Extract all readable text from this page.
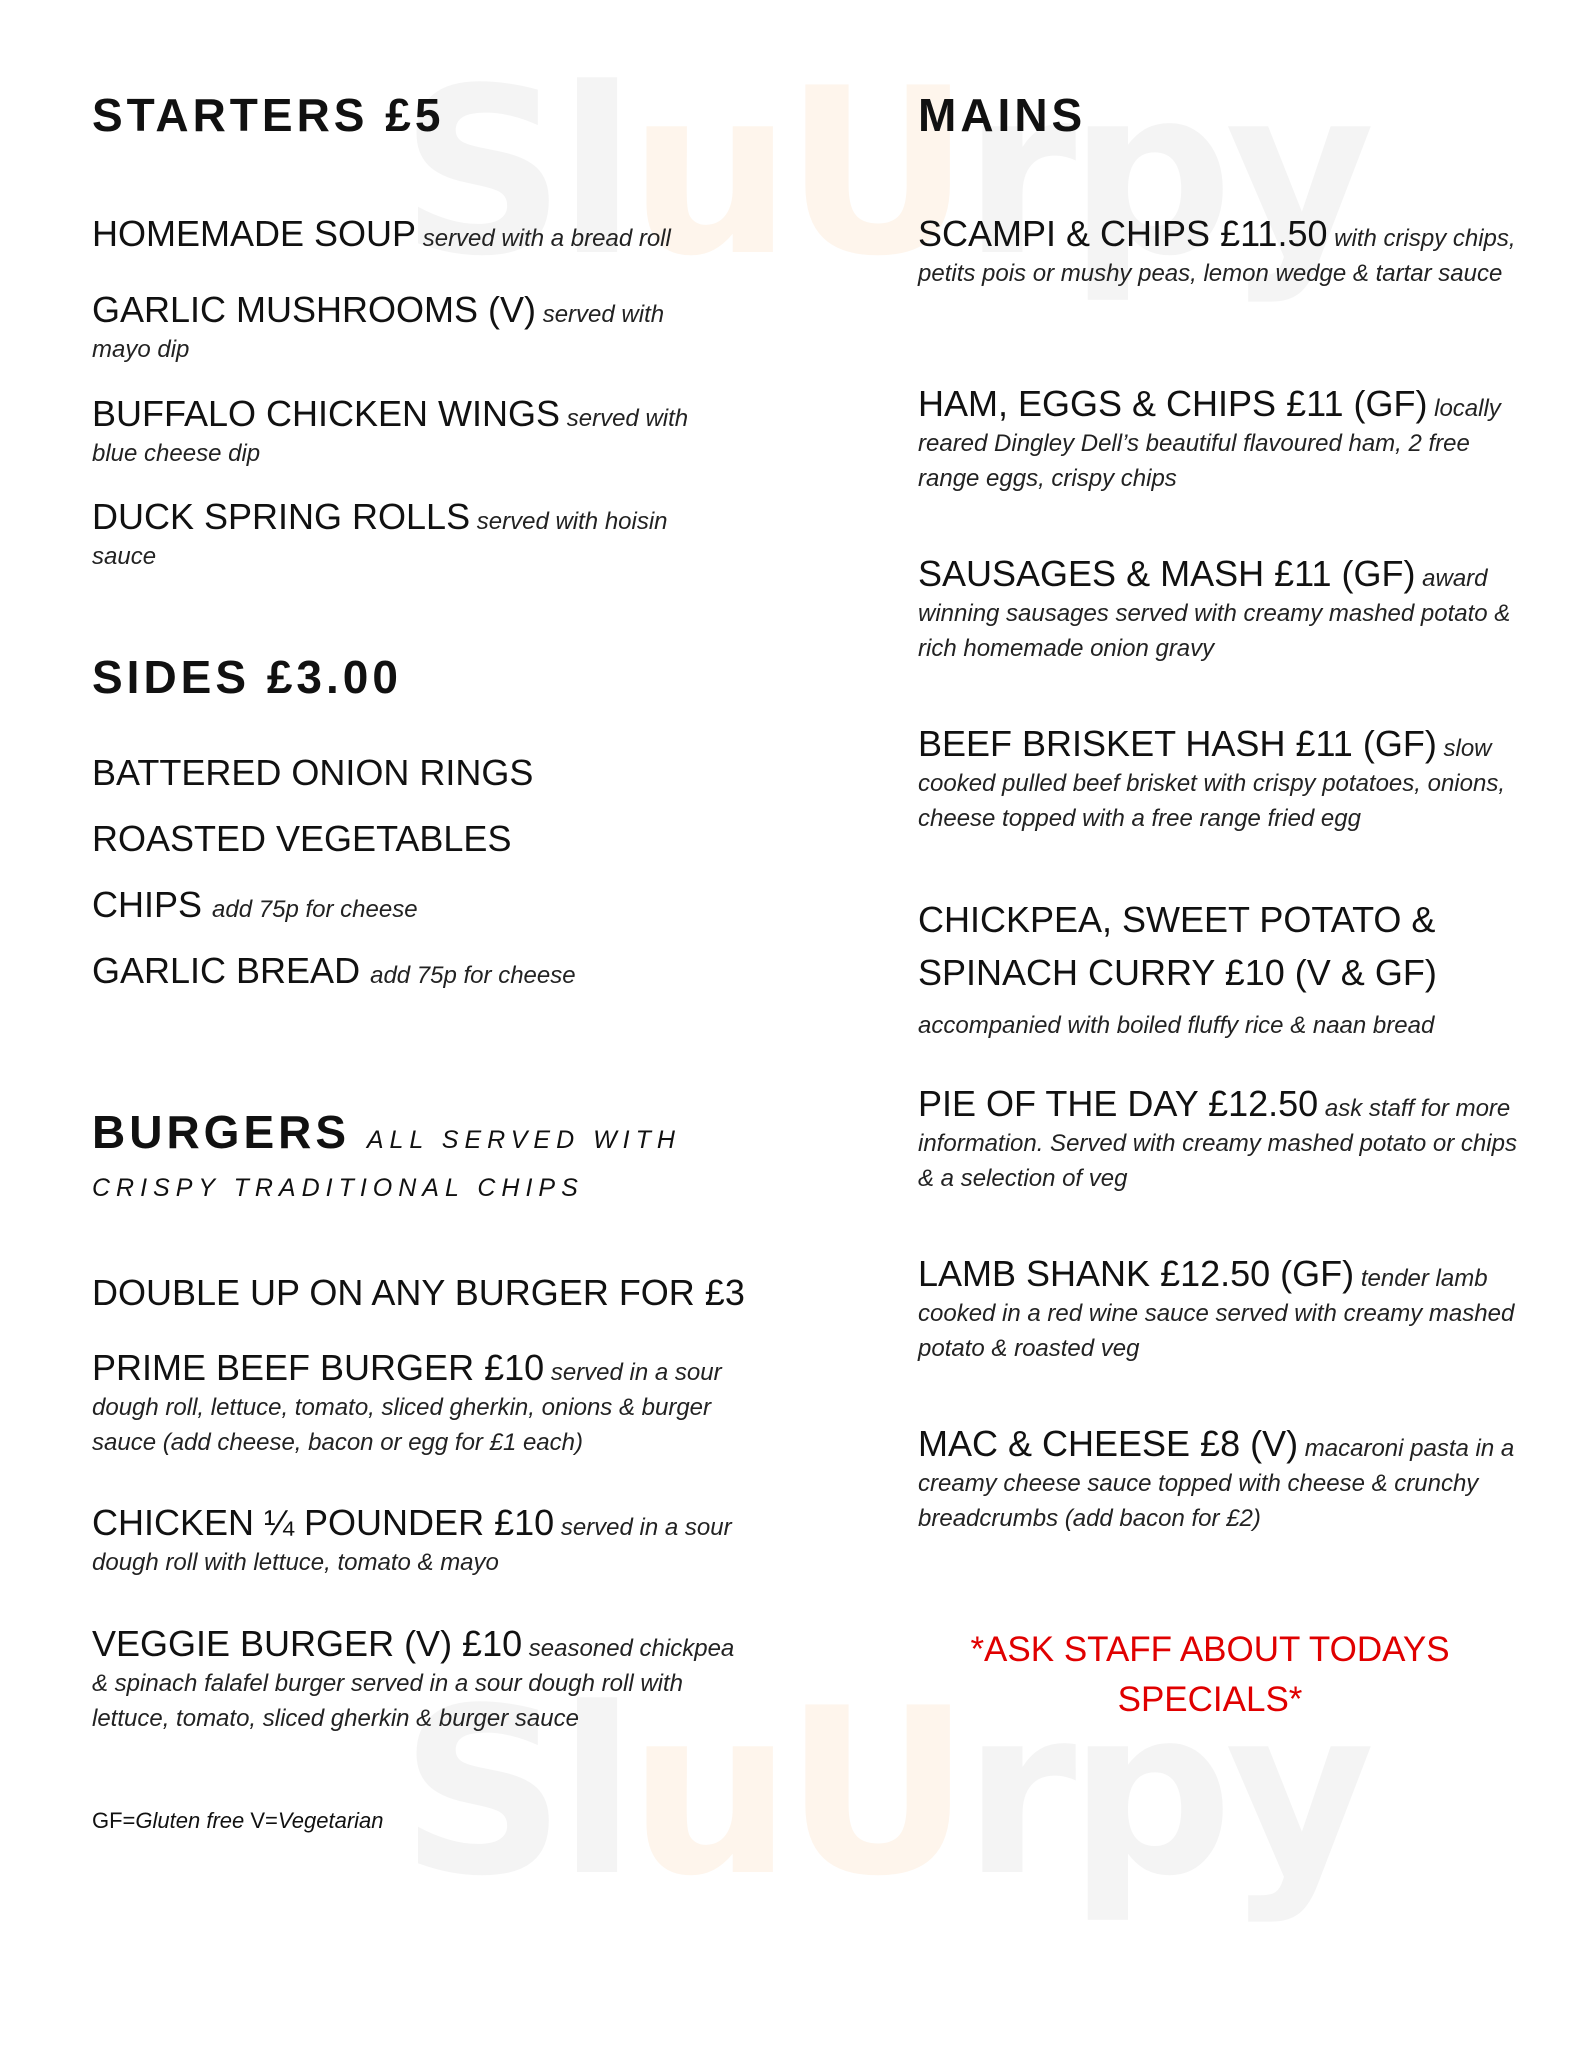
uU
uU
STARTERS £5
HOMEMADE SOUP served with a bread roll
GARLIC MUSHROOMS (V) served with mayo dip
BUFFALO CHICKEN WINGS served with blue cheese dip
DUCK SPRING ROLLS served with hoisin sauce
SIDES £3.00
BATTERED ONION RINGS
ROASTED VEGETABLES
CHIPS add 75p for cheese
GARLIC BREAD add 75p for cheese
BURGERS ALL SERVED WITH CRISPY TRADITIONAL CHIPS
DOUBLE UP ON ANY BURGER FOR £3
PRIME BEEF BURGER £10 served in a sour dough roll, lettuce, tomato, sliced gherkin, onions & burger sauce (add cheese, bacon or egg for £1 each)
CHICKEN ¼ POUNDER £10 served in a sour dough roll with lettuce, tomato & mayo
VEGGIE BURGER (V) £10 seasoned chickpea & spinach falafel burger served in a sour dough roll with lettuce, tomato, sliced gherkin & burger sauce
GF=Gluten free V=Vegetarian
MAINS
SCAMPI & CHIPS £11.50 with crispy chips, petits pois or mushy peas, lemon wedge & tartar sauce
HAM, EGGS & CHIPS £11 (GF) locally reared Dingley Dell’s beautiful flavoured ham, 2 free range eggs, crispy chips
SAUSAGES & MASH £11 (GF) award winning sausages served with creamy mashed potato & rich homemade onion gravy
BEEF BRISKET HASH £11 (GF) slow cooked pulled beef brisket with crispy potatoes, onions, cheese topped with a free range fried egg
CHICKPEA, SWEET POTATO & SPINACH CURRY £10 (V & GF) accompanied with boiled fluffy rice & naan bread
PIE OF THE DAY £12.50 ask staff for more information. Served with creamy mashed potato or chips & a selection of veg
LAMB SHANK £12.50 (GF) tender lamb cooked in a red wine sauce served with creamy mashed potato & roasted veg
MAC & CHEESE £8 (V) macaroni pasta in a creamy cheese sauce topped with cheese & crunchy breadcrumbs (add bacon for £2)
*ASK STAFF ABOUT TODAYS SPECIALS*
